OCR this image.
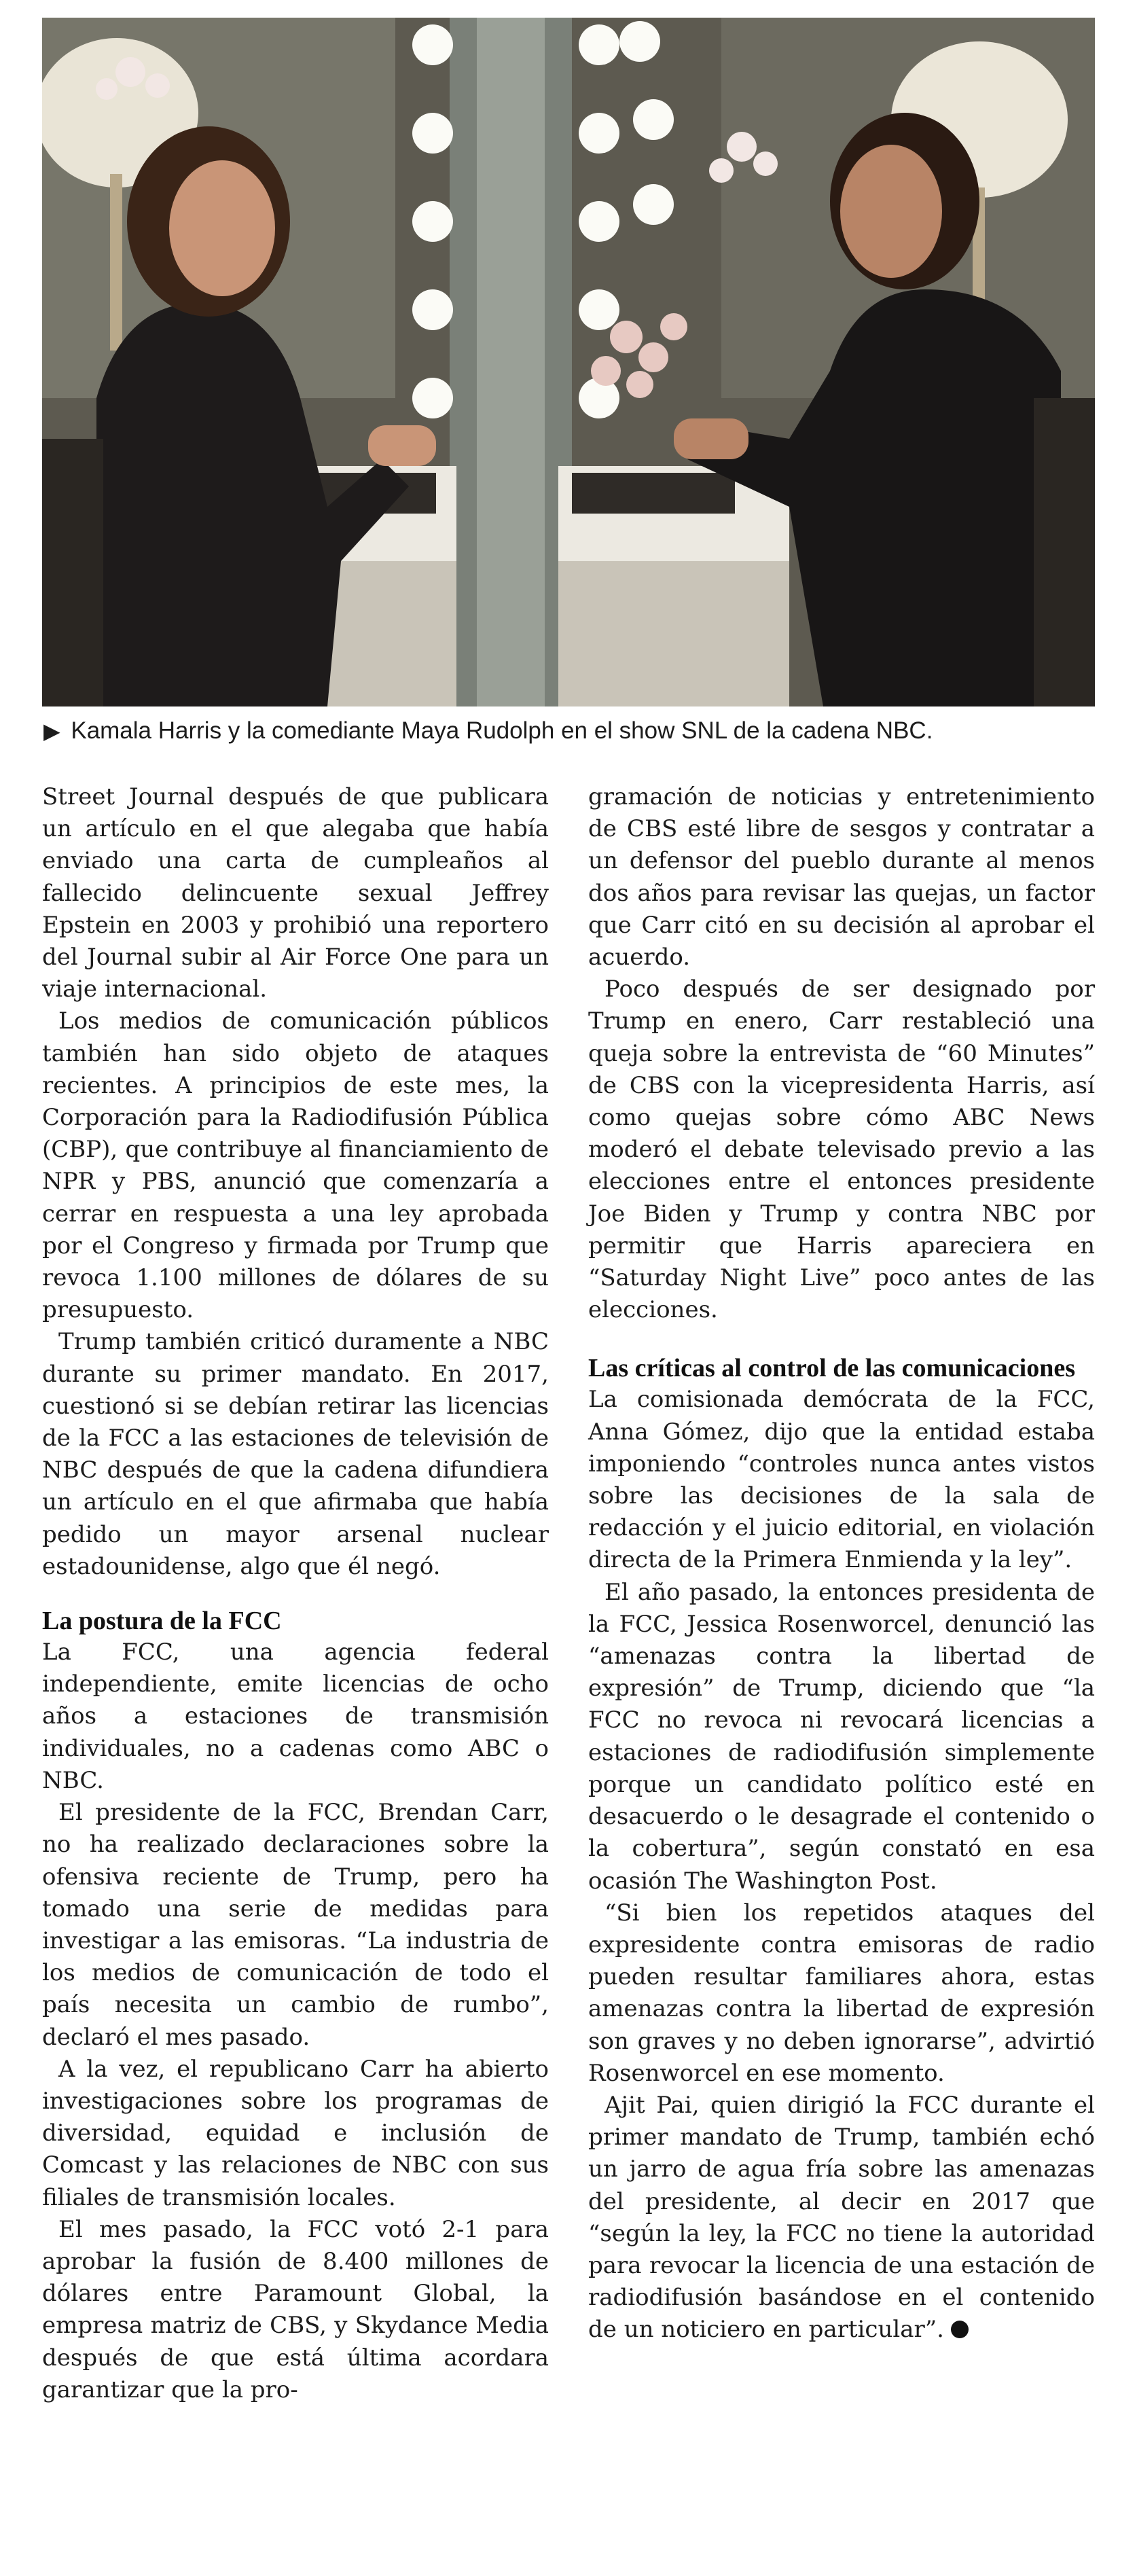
▶ Kamala Harris y la comediante Maya Rudolph en el show SNL de la cadena NBC.

Street Journal después de que publicara un artículo en el que alegaba que había enviado una carta de cumpleaños al fallecido delincuente sexual Jeffrey Epstein en 2003 y prohibió una reportero del Journal subir al Air Force One para un viaje internacional.

Los medios de comunicación públicos también han sido objeto de ataques recientes. A principios de este mes, la Corporación para la Radiodifusión Pública (CBP), que contribuye al financiamiento de NPR y PBS, anunció que comenzaría a cerrar en respuesta a una ley aprobada por el Congreso y firmada por Trump que revoca 1.100 millones de dólares de su presupuesto.

Trump también criticó duramente a NBC durante su primer mandato. En 2017, cuestionó si se debían retirar las licencias de la FCC a las estaciones de televisión de NBC después de que la cadena difundiera un artículo en el que afirmaba que había pedido un mayor arsenal nuclear estadounidense, algo que él negó.

La postura de la FCC

La FCC, una agencia federal independiente, emite licencias de ocho años a estaciones de transmisión individuales, no a cadenas como ABC o NBC.

El presidente de la FCC, Brendan Carr, no ha realizado declaraciones sobre la ofensiva reciente de Trump, pero ha tomado una serie de medidas para investigar a las emisoras. “La industria de los medios de comunicación de todo el país necesita un cambio de rumbo”, declaró el mes pasado.

A la vez, el republicano Carr ha abierto investigaciones sobre los programas de diversidad, equidad e inclusión de Comcast y las relaciones de NBC con sus filiales de transmisión locales.

El mes pasado, la FCC votó 2-1 para aprobar la fusión de 8.400 millones de dólares entre Paramount Global, la empresa matriz de CBS, y Skydance Media después de que está última acordara garantizar que la pro-

gramación de noticias y entretenimiento de CBS esté libre de sesgos y contratar a un defensor del pueblo durante al menos dos años para revisar las quejas, un factor que Carr citó en su decisión al aprobar el acuerdo.

Poco después de ser designado por Trump en enero, Carr restableció una queja sobre la entrevista de “60 Minutes” de CBS con la vicepresidenta Harris, así como quejas sobre cómo ABC News moderó el debate televisado previo a las elecciones entre el entonces presidente Joe Biden y Trump y contra NBC por permitir que Harris apareciera en “Saturday Night Live” poco antes de las elecciones.

Las críticas al control de las comunicaciones

La comisionada demócrata de la FCC, Anna Gómez, dijo que la entidad estaba imponiendo “controles nunca antes vistos sobre las decisiones de la sala de redacción y el juicio editorial, en violación directa de la Primera Enmienda y la ley”.

El año pasado, la entonces presidenta de la FCC, Jessica Rosenworcel, denunció las “amenazas contra la libertad de expresión” de Trump, diciendo que “la FCC no revoca ni revocará licencias a estaciones de radiodifusión simplemente porque un candidato político esté en desacuerdo o le desagrade el contenido o la cobertura”, según constató en esa ocasión The Washington Post.

“Si bien los repetidos ataques del expresidente contra emisoras de radio pueden resultar familiares ahora, estas amenazas contra la libertad de expresión son graves y no deben ignorarse”, advirtió Rosenworcel en ese momento.

Ajit Pai, quien dirigió la FCC durante el primer mandato de Trump, también echó un jarro de agua fría sobre las amenazas del presidente, al decir en 2017 que “según la ley, la FCC no tiene la autoridad para revocar la licencia de una estación de radiodifusión basándose en el contenido de un noticiero en particular”.
